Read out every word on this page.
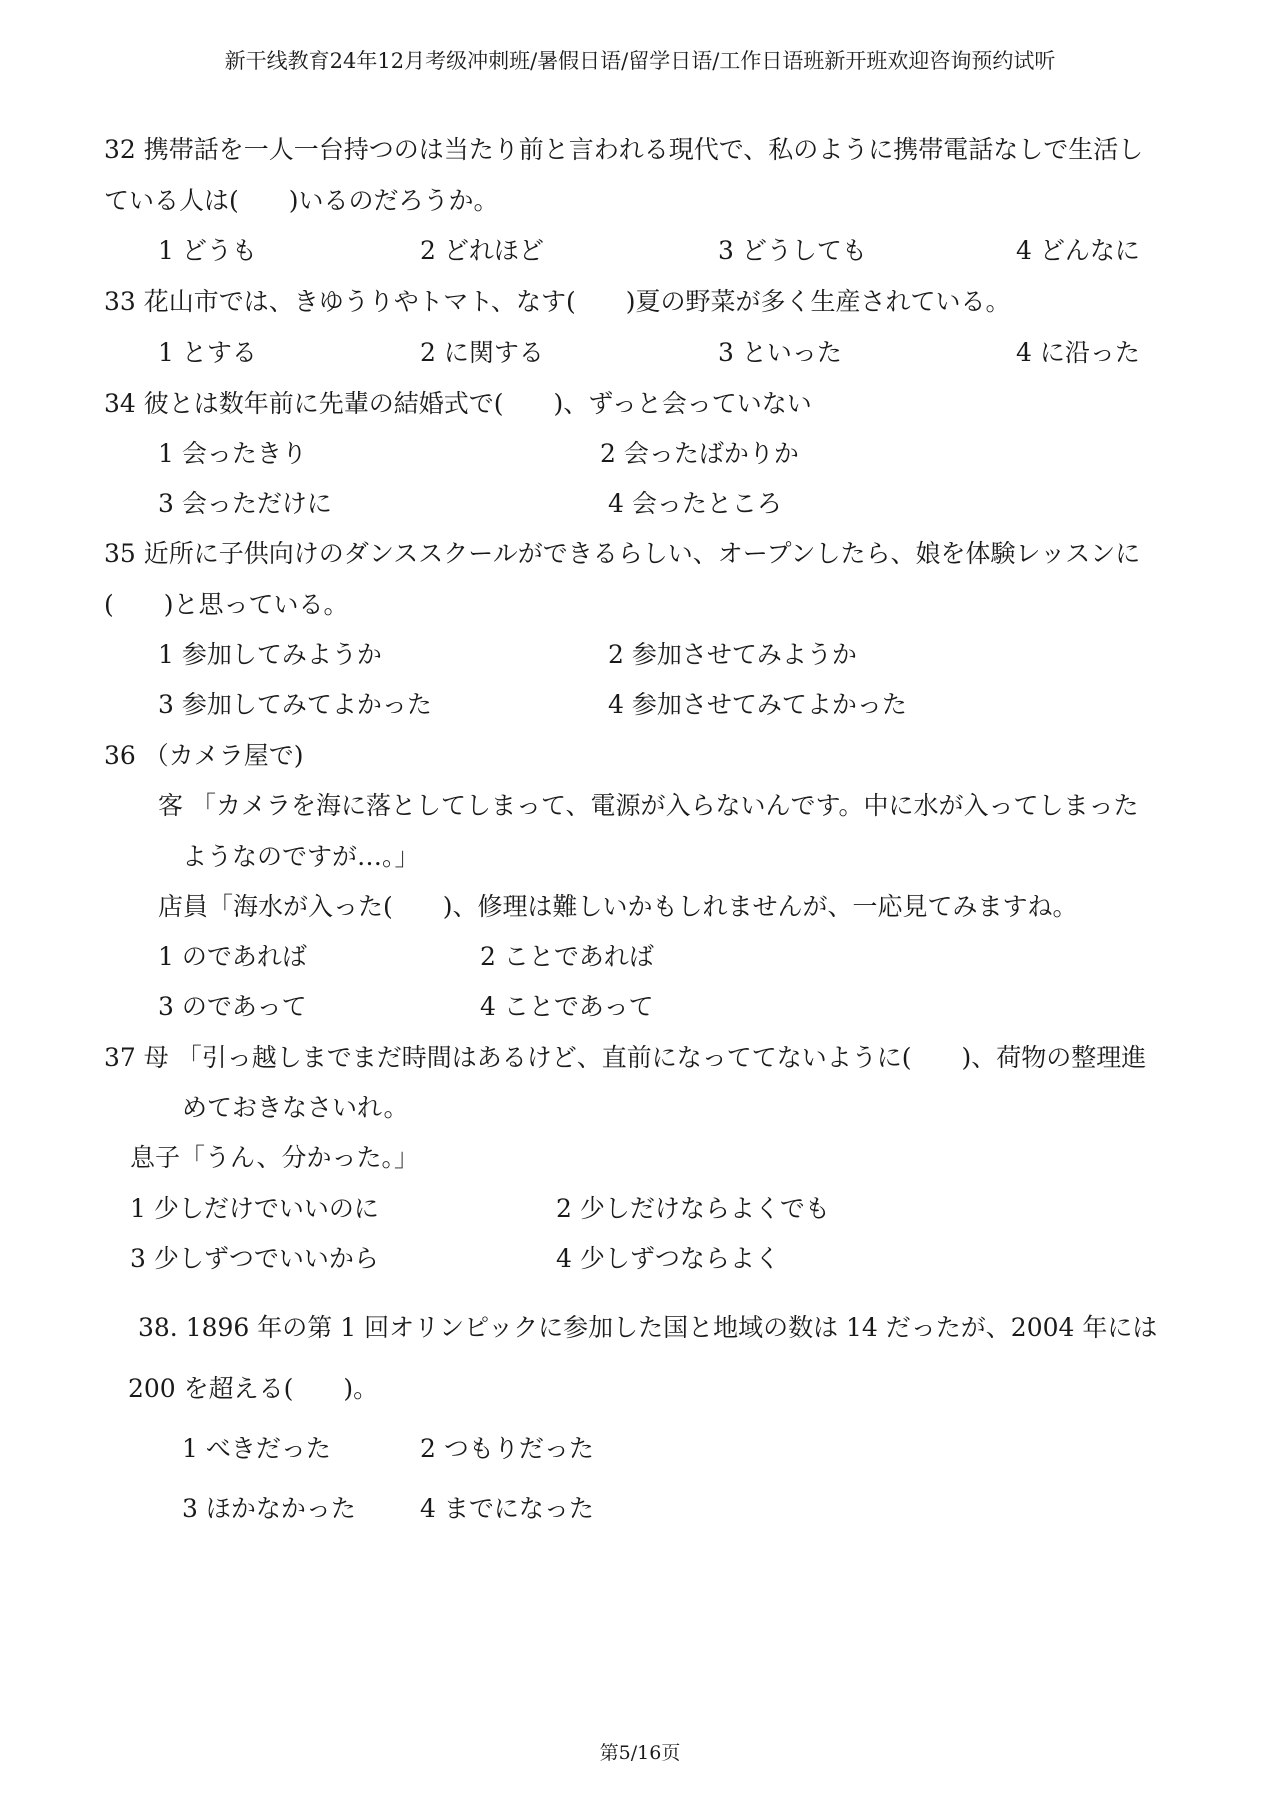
新干线教育24年12月考级冲刺班/暑假日语/留学日语/工作日语班新开班欢迎咨询预约试听
32 携帯話を一人一台持つのは当たり前と言われる現代で、私のように携帯電話なしで生活し
ている人は(　　)いるのだろうか。
1 どうも	2 どれほど	3 どうしても	4 どんなに
33 花山市では、きゆうりやトマト、なす(　　)夏の野菜が多く生産されている。
1 とする	2 に関する	3 といった	4 に沿った
34 彼とは数年前に先輩の結婚式で(　　)、ずっと会っていない
1 会ったきり	2 会ったばかりか
3 会っただけに	4 会ったところ
35 近所に子供向けのダンススクールができるらしい、オープンしたら、娘を体験レッスンに
(　　)と思っている。
1 参加してみようか	2 参加させてみようか
3 参加してみてよかった	4 参加させてみてよかった
36 （カメラ屋で)
客 「カメラを海に落としてしまって、電源が入らないんです。中に水が入ってしまった
ようなのですが…。」
店員「海水が入った(　　)、修理は難しいかもしれませんが、一応見てみますね。
1 のであれば	2 ことであれば
3 のであって	4 ことであって
37 母 「引っ越しまでまだ時間はあるけど、直前になっててないように(　　)、荷物の整理進
めておきなさいれ。
息子「うん、分かった。」
1 少しだけでいいのに	2 少しだけならよくでも
3 少しずつでいいから	4 少しずつならよく
38. 1896 年の第 1 回オリンピックに参加した国と地域の数は 14 だったが、2004 年には
200 を超える(　　)。
1 べきだった	2 つもりだった
3 ほかなかった	4 までになった
第5/16页
